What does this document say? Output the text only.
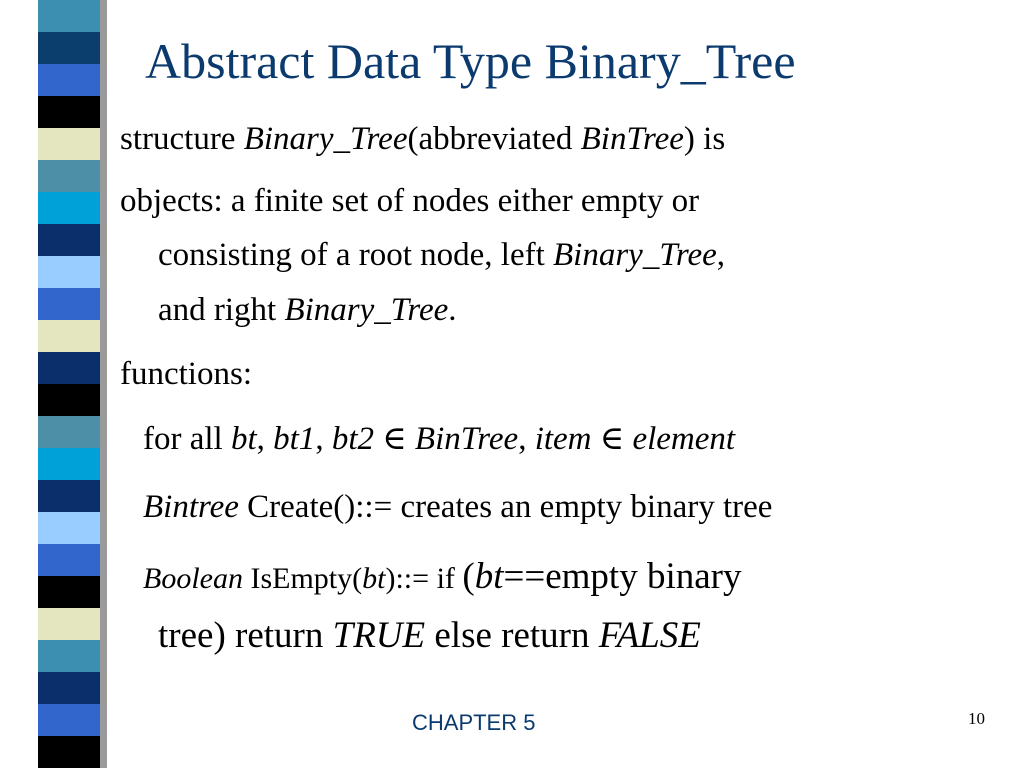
Abstract Data Type Binary_Tree
structure Binary_Tree(abbreviated BinTree) is
objects: a finite set of nodes either empty or
consisting of a root node, left Binary_Tree,
and right Binary_Tree.
functions:
for all bt, bt1, bt2 ∈ BinTree, item ∈ element
Bintree Create()::= creates an empty binary tree
Boolean IsEmpty(bt)::= if (bt==empty binary
tree) return TRUE else return FALSE
CHAPTER 5	10
